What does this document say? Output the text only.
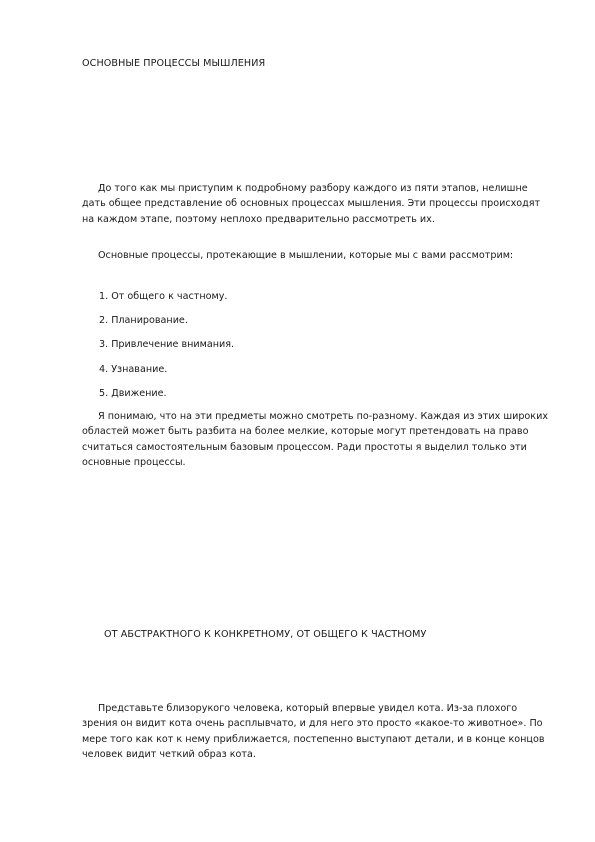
ОСНОВНЫЕ ПРОЦЕССЫ МЫШЛЕНИЯ

До того как мы приступим к подробному разбору каждого из пяти этапов, нелишне дать общее представление об основных процессах мышления. Эти процессы происходят на каждом этапе, поэтому неплохо предварительно рассмотреть их.

Основные процессы, протекающие в мышлении, которые мы с вами рассмотрим:

1. От общего к частному.

2. Планирование.

3. Привлечение внимания.

4. Узнавание.

5. Движение.

Я понимаю, что на эти предметы можно смотреть по-разному. Каждая из этих широких областей может быть разбита на более мелкие, которые могут претендовать на право считаться самостоятельным базовым процессом. Ради простоты я выделил только эти основные процессы.

ОТ АБСТРАКТНОГО К КОНКРЕТНОМУ, ОТ ОБЩЕГО К ЧАСТНОМУ

Представьте близорукого человека, который впервые увидел кота. Из-за плохого зрения он видит кота очень расплывчато, и для него это просто «какое-то животное». По мере того как кот к нему приближается, постепенно выступают детали, и в конце концов человек видит четкий образ кота.
